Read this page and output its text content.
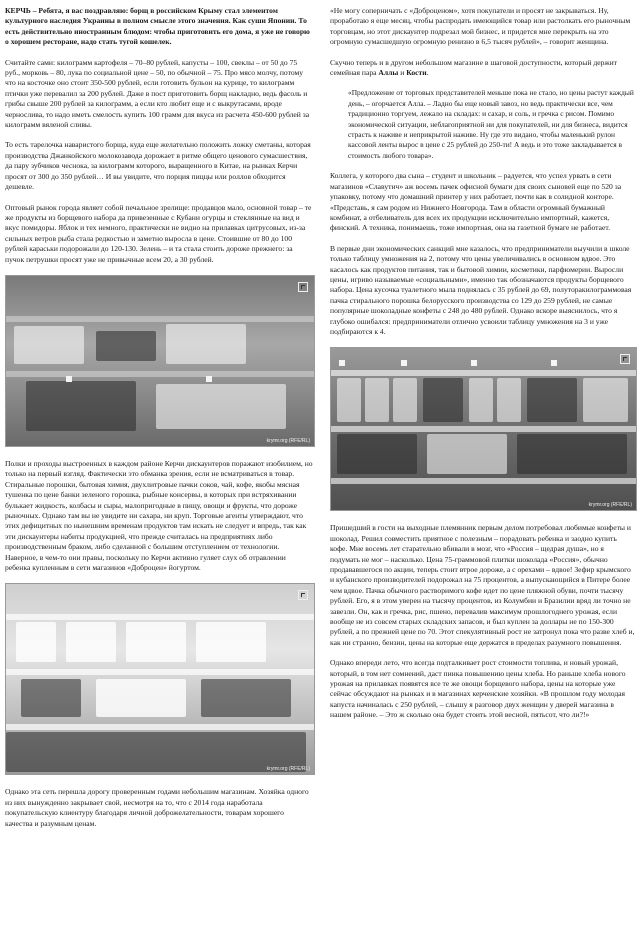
КЕРЧЬ – Ребята, я вас поздравляю: борщ в российском Крыму стал элементом культурного наследия Украины в полном смысле этого значения. Как суши Японии. То есть действительно иностранным блюдом: чтобы приготовить его дома, я уже не говорю о хорошем ресторане, надо стать тугой кошелек.

Считайте сами: килограмм картофеля – 70–80 рублей, капусты – 100, свеклы – от 50 до 75 руб., морковь – 80, лука по социальной цене – 50, по обычной – 75. Про мясо молчу, потому что на косточке оно стоит 350-500 рублей, если готовить бульон на курице, то килограмм птички уже перевалил за 200 рублей. Даже в пост приготовить борщ накладно, ведь фасоль и грибы свыше 200 рублей за килограмм, а если кто любит еще и с выкрутасами, вроде чернослива, то надо иметь смелость купить 100 грамм для вкуса из расчета 450-600 рублей за килограмм вяленой сливы.

То есть тарелочка наваристого борща, куда еще желательно положить ложку сметаны, которая производства Джанкойского молокозавода дорожает в ритме общего ценового сумасшествия, да пару зубчиков чеснока, за килограмм которого, выращенного в Китае, на рынках Керчи просят от 300 до 350 рублей… И вы увидите, что порция пиццы или роллов обходится дешевле.

Оптовый рынок города являет собой печальное зрелище: продавцов мало, основной товар – те же продукты из борщевого набора да привезенные с Кубани огурцы и стеклянные на вид и вкус помидоры. Яблок и тех немного, практически не видно на прилавках цитрусовых, из-за сильных ветров рыба стала редкостью и заметно выросла в цене. Стоившие от 80 до 100 рублей караськи подорожали до 120-130. Зелень – и та стала стоить дороже прежнего: за пучок петрушки просят уже не привычные всем 20, а 30 рублей.

krymr.org (RFE/RL)

Полки и проходы выстроенных в каждом районе Керчи дискаунтеров поражают изобилием, но только на первый взгляд. Фактически это обманка зрения, если не всматриваться в товар. Стиральные порошки, бытовая химия, двухлитровые пачки соков, чай, кофе, якобы мясная тушенка по цене банки зеленого горошка, рыбные консервы, в которых при встряхивании булькает жидкость, колбасы и сыры, малопригодные в пищу, овощи и фрукты, что дороже рыночных. Однако там вы не увидите ни сахара, ни круп. Торговые агенты утверждают, что этих дефицитных по нынешним временам продуктов там искать не следует и впредь, так как эти дискаунтеры набиты продукцией, что прежде считалась на предприятиях либо производственным браком, либо сделанной с большим отступлением от технологии. Наверное, в чем-то они правы, поскольку по Керчи активно гуляет слух об отравлении ребенка купленным в сети магазинов «Доброцен» йогуртом.

krymr.org (RFE/RL)

Однако эта сеть перешла дорогу проверенным годами небольшим магазинам. Хозяйка одного из них вынужденно закрывает свой, несмотря на то, что с 2014 года наработала покупательскую клиентуру благодаря личной доброжелательности, товарам хорошего качества и разумным ценам.

«Не могу соперничать с «Доброценом», хотя покупатели и просят не закрываться. Ну, проработаю я еще месяц, чтобы распродать имеющийся товар или растолкать его рыночным торговцам, но этот дискаунтер подрезал мой бизнес, и придется мне перекрыть на это огромную сумасшедшую огромную ренизно в 6,5 тысяч рублей», – говорит женщина.

Скучно теперь и в другом небольшом магазине в шаговой доступности, который держит семейная пара Аллы и Кости.

«Предложение от торговых представителей меньше пока не стало, но цены растут каждый день, – огорчается Алла. – Ладно бы еще новый завоз, но ведь практически все, чем традиционно торгуем, лежало на складах: и сахар, и соль, и гречка с рисом. Помимо экономической ситуации, неблагоприятной ни для покупателей, ни для бизнеса, видится страсть к наживе и неприкрытой наживе. Ну где это видано, чтобы маленький рулон кассовой ленты вырос в цене с 25 рублей до 250-ти! А ведь и это тоже закладывается в стоимость любого товара».

Коллега, у которого два сына – студент и школьник – радуется, что успел урвать в сети магазинов «Славутич» аж восемь пачек офисной бумаги для своих сыновей еще по 520 за упаковку, потому что домашний принтер у них работает, почти как в солидной конторе. «Представь, я сам родом из Нижнего Новгорода. Там в области огромный бумажный комбинат, а отбеливатель для всех их продукции исключительно импортный, кажется, финский. А техника, понимаешь, тоже импортная, она на газетной бумаге не работает.

В первые дни экономических санкций мне казалось, что предприниматели выучили в школе только таблицу умножения на 2, потому что цены увеличивались в основном вдвое. Это касалось как продуктов питания, так и бытовой химии, косметики, парфюмерии. Выросли цены, игриво называемые «социальными», именно так обозначаются продукты борщевого набора. Цена кусочка туалетного мыла поднялась с 35 рублей до 69, полуторакилограммовая пачка стирального порошка белорусского производства со 129 до 259 рублей, не самые популярные шоколадные конфеты с 248 до 480 рублей. Однако вскоре выяснилось, что я глубоко ошибался: предприниматели отлично усвоили таблицу умножения на 3 и уже подбираются к 4.

krymr.org (RFE/RL)

Пришедший в гости на выходные племянник первым делом потребовал любимые конфеты и шоколад. Решил совместить приятное с полезным – порадовать ребенка и заодно купить кофе. Мне восемь лет старательно вбивали в мозг, что «Россия – щедрая душа», но я подумать не мог – насколько. Цена 75-граммовой плитки шоколада «Россия», обычно продававшегося по акции, теперь стоит втрое дороже, а с орехами – вдвое! Зефир крымского и кубанского производителей подорожал на 75 процентов, а выпускающийся в Питере более чем вдвое. Пачка обычного растворимого кофе идет по цене пляжной обуви, почти тысячу рублей. Его, я в этом уверен на тысячу процентов, из Колумбии и Бразилии вряд ли точно не завезли. Он, как и гречка, рис, пшено, перевалив максимум прошлогоднего урожая, если вообще не из совсем старых складских запасов, и был куплен за доллары не по 150-300 рублей, а по прежней цене по 70. Этот спекулятивный рост не затронул пока что разве хлеб и, как ни странно, бензин, цены на которые еще держатся в пределах разумного повышения.

Однако впереди лето, что всегда подталкивает рост стоимости топлива, и новый урожай, который, в том нет сомнений, даст пинка повышению цены хлеба. Но раньше хлеба нового урожая на прилавках появятся все те же овощи борщевого набора, цены на которые уже сейчас обсуждают на рынках и в магазинах керченские хозяйки. «В прошлом году молодая капуста начиналась с 250 рублей, – слышу я разговор двух женщин у дверей магазина в нашем районе. – Это ж сколько она будет стоить этой весной, пятьсот, что ли?!»
